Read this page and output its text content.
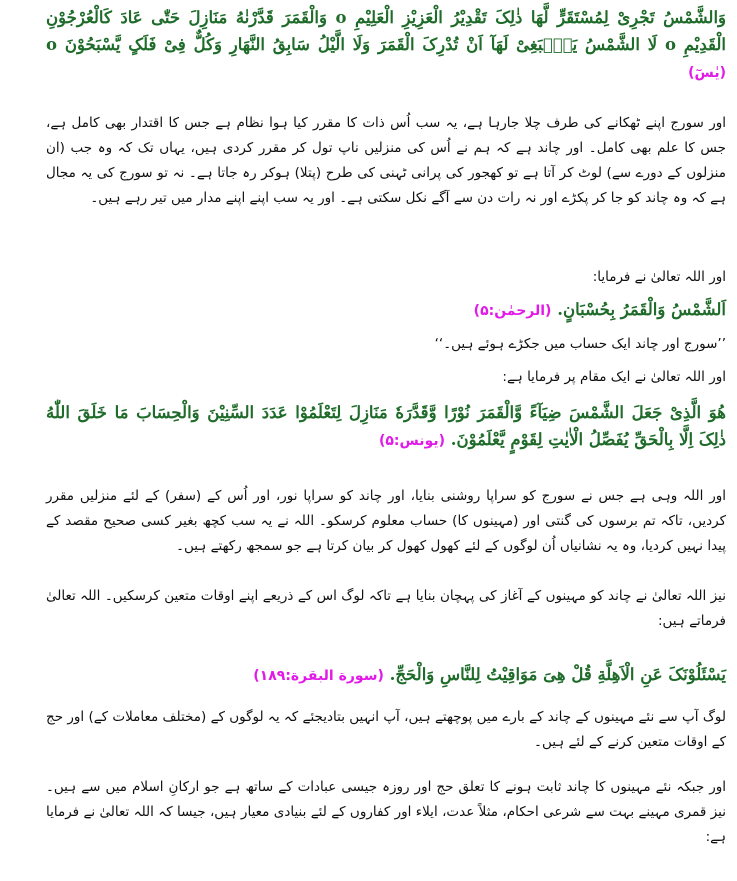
وَالشَّمْسُ تَجْرِیْ لِمُسْتَقَرٍّ لَّهَا ذٰلِکَ تَقْدِیْرُ الْعَزِیْزِ الْعَلِیْمِ o وَالْقَمَرَ قَدَّرْنٰهُ مَنَازِلَ حَتّٰی عَادَ كَالْعُرْجُوْنِ الْقَدِیْمِ o لَا الشَّمْسُ یَنْۢبَغِیْ لَهَآ اَنْ تُدْرِکَ الْقَمَرَ وَلَا الَّیْلُ سَابِقُ النَّهَارِ وَكُلٌّ فِیْ فَلَکٍ یَّسْبَحُوْنَ o (یٰسٓ)
اور سورج اپنے ٹھکانے کی طرف چلا جارہا ہے، یہ سب اُس ذات کا مقرر کیا ہوا نظام ہے جس کا اقتدار بھی کامل ہے، جس کا علم بھی کامل۔ اور چاند ہے کہ ہم نے اُس کی منزلیں ناپ تول کر مقرر کردی ہیں، یہاں تک کہ وہ جب (ان منزلوں کے دورے سے) لوٹ کر آتا ہے تو کھجور کی پرانی ٹہنی کی طرح (پتلا) ہوکر رہ جاتا ہے۔ نہ تو سورج کی یہ مجال ہے کہ وہ چاند کو جا کر پکڑے اور نہ رات دن سے آگے نکل سکتی ہے۔ اور یہ سب اپنے اپنے مدار میں تیر رہے ہیں۔
اور اللہ تعالیٰ نے فرمایا:
اَلشَّمْسُ وَالْقَمَرُ بِحُسْبَانٍ. (الرحمٰن:۵)
’’سورج اور چاند ایک حساب میں جکڑے ہوئے ہیں۔‘‘
اور اللہ تعالیٰ نے ایک مقام پر فرمایا ہے:
هُوَ الَّذِیْ جَعَلَ الشَّمْسَ ضِیَآءً وَّالْقَمَرَ نُوْرًا وَّقَدَّرَهٗ مَنَازِلَ لِتَعْلَمُوْا عَدَدَ السِّنِیْنَ وَالْحِسَابَ مَا خَلَقَ اللّٰهُ ذٰلِکَ اِلَّا بِالْحَقِّ یُفَصِّلُ الْاٰیٰتِ لِقَوْمٍ یَّعْلَمُوْنَ. (یونس:۵)
اور اللہ وہی ہے جس نے سورج کو سراپا روشنی بنایا، اور چاند کو سراپا نور، اور اُس کے (سفر) کے لئے منزلیں مقرر کردیں، تاکہ تم برسوں کی گنتی اور (مہینوں کا) حساب معلوم کرسکو۔ اللہ نے یہ سب کچھ بغیر کسی صحیح مقصد کے پیدا نہیں کردیا، وہ یہ نشانیاں اُن لوگوں کے لئے کھول کھول کر بیان کرتا ہے جو سمجھ رکھتے ہیں۔
نیز اللہ تعالیٰ نے چاند کو مہینوں کے آغاز کی پہچان بنایا ہے تاکہ لوگ اس کے ذریعے اپنے اوقات متعین کرسکیں۔ اللہ تعالیٰ فرماتے ہیں:
یَسْئَلُوْنَکَ عَنِ الْاَهِلَّةِ قُلْ هِیَ مَوَاقِیْتُ لِلنَّاسِ وَالْحَجِّ. (سورة البقرة:۱۸۹)
لوگ آپ سے نئے مہینوں کے چاند کے بارے میں پوچھتے ہیں، آپ انہیں بتادیجئے کہ یہ لوگوں کے (مختلف معاملات کے) اور حج کے اوقات متعین کرنے کے لئے ہیں۔
اور جبکہ نئے مہینوں کا چاند ثابت ہونے کا تعلق حج اور روزہ جیسی عبادات کے ساتھ ہے جو ارکانِ اسلام میں سے ہیں۔ نیز قمری مہینے بہت سے شرعی احکام، مثلاً عدت، ایلاء اور کفاروں کے لئے بنیادی معیار ہیں، جیسا کہ اللہ تعالیٰ نے فرمایا ہے:
